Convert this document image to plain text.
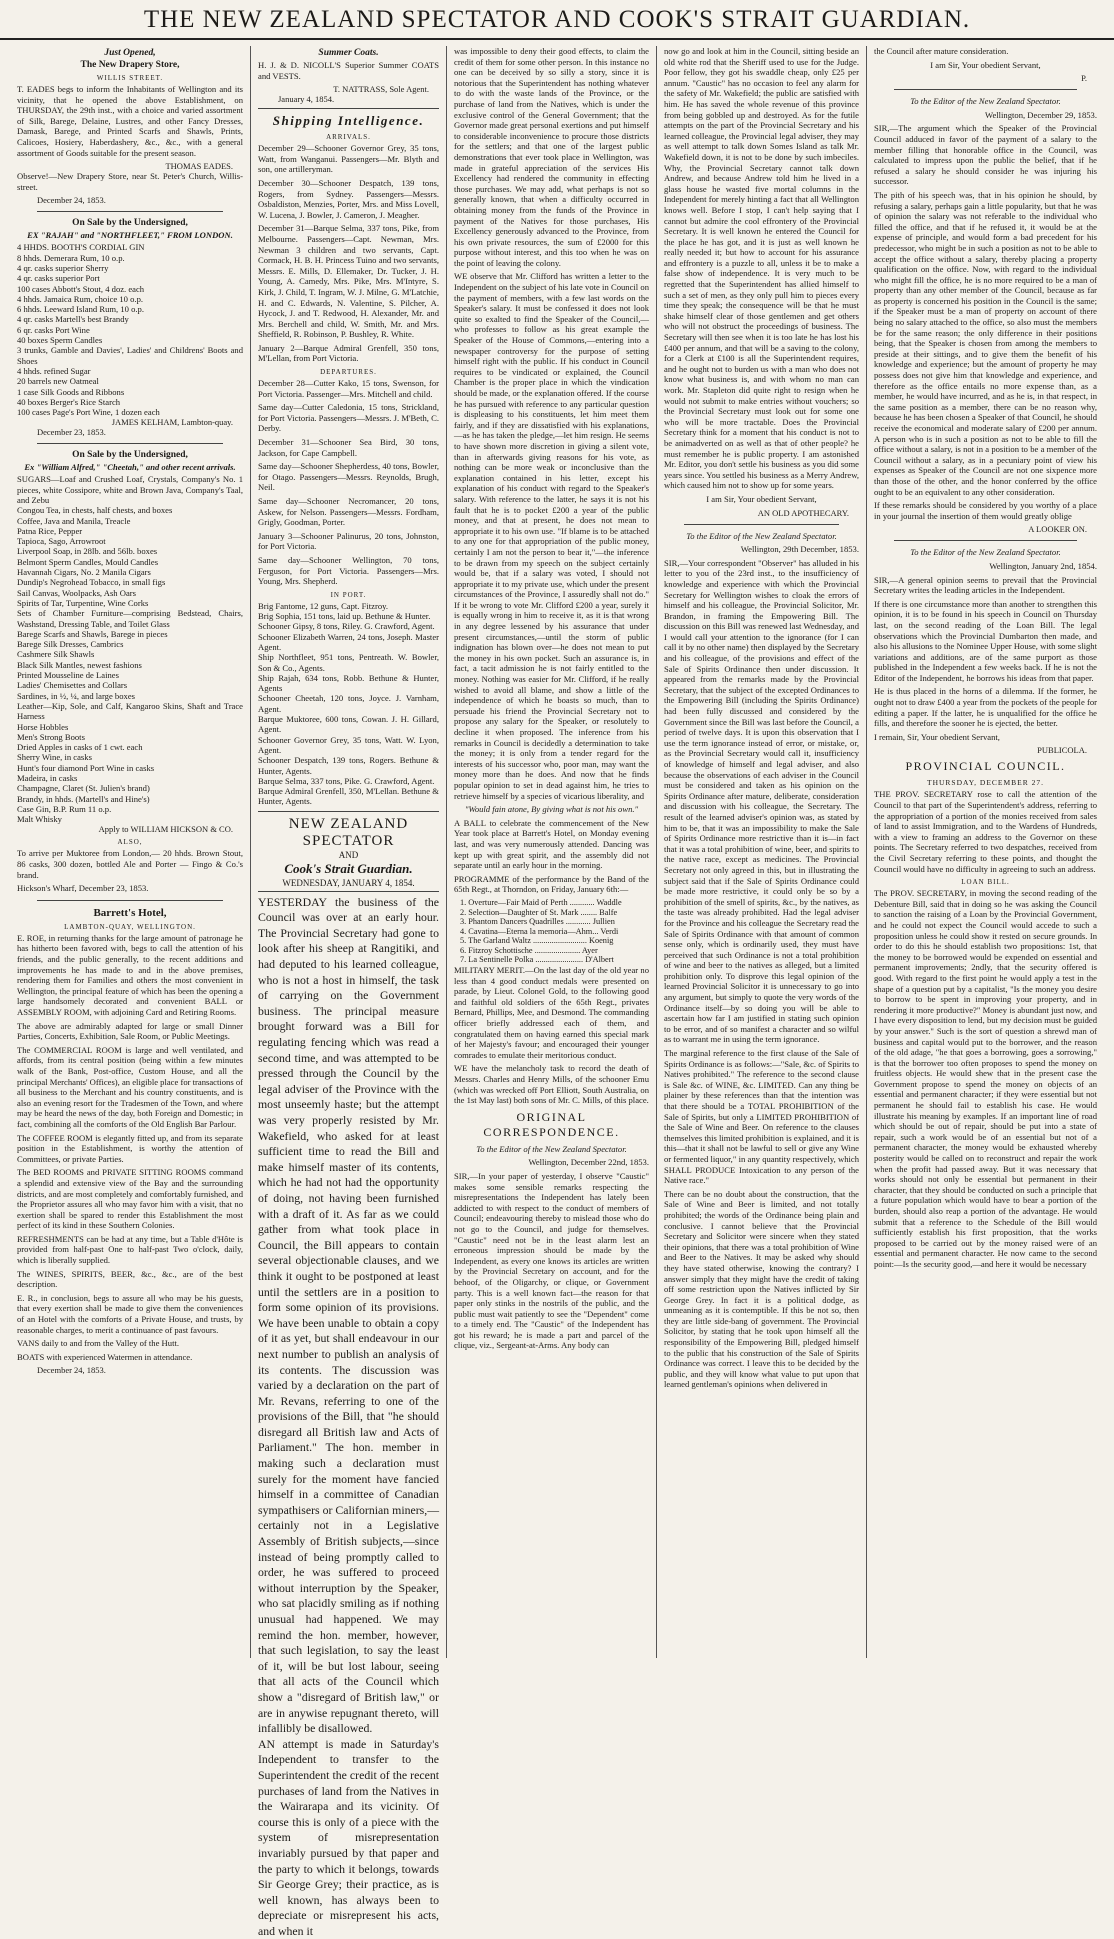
THE NEW ZEALAND SPECTATOR AND COOK'S STRAIT GUARDIAN.
Just Opened,
The New Drapery Store,
WILLIS STREET.

T. EADES begs to inform the Inhabitants of Wellington and its vicinity, that he opened the above Establishment, on THURSDAY, the 29th inst., with a choice and varied assortment of Silk, Barege, Delaine, Lustres, and other Fancy Dresses, Damask, Barege, and Printed Scarfs and Shawls, Prints, Calicoes, Hosiery, Haberdashery, &c., &c., with a general assortment of Goods suitable for the present season.

THOMAS EADES.

Observe!—New Drapery Store, near St. Peter's Church, Willis-street.

December 24, 1853.
On Sale by the Undersigned,
EX "RAJAH" and "NORTHFLEET," FROM LONDON.

4 HHDS. BOOTH'S CORDIAL GIN

8 hhds. Demerara Rum, 10 o.p.

4 qr. casks superior Sherry

4 qr. casks superior Port

100 cases Abbott's Stout, 4 doz. each

4 hhds. Jamaica Rum, choice 10 o.p.

6 hhds. Leeward Island Rum, 10 o.p.

4 qr. casks Martell's best Brandy

6 qr. casks Port Wine

40 boxes Sperm Candles

3 trunks, Gamble and Davies', Ladies' and Childrens' Boots and Shoes

4 hhds. refined Sugar

20 barrels new Oatmeal

1 case Silk Goods and Ribbons

40 boxes Berger's Rice Starch

100 cases Page's Port Wine, 1 dozen each

JAMES KELHAM, Lambton-quay.
December 23, 1853.
On Sale by the Undersigned,
Ex "William Alfred," "Cheetah," and other recent arrivals.

SUGARS—Loaf and Crushed Loaf, Crystals, Company's No. 1 pieces, white Cossipore, white and Brown Java, Company's Taal, and Zebu

Congou Tea, in chests, half chests, and boxes

Coffee, Java and Manila, Treacle

Patna Rice, Pepper

Tapioca, Sago, Arrowroot

Liverpool Soap, in 28lb. and 56lb. boxes

Belmont Sperm Candles, Mould Candles

Havannah Cigars, No. 2 Manila Cigars

Dundip's Negrohead Tobacco, in small figs

Sail Canvas, Woolpacks, Ash Oars

Spirits of Tar, Turpentine, Wine Corks

Sets of Chamber Furniture—comprising Bedstead, Chairs, Washstand, Dressing Table, and Toilet Glass

Barege Scarfs and Shawls, Barege in pieces

Barege Silk Dresses, Cambrics

Cashmere Silk Shawls

Black Silk Mantles, newest fashions

Printed Mousseline de Laines

Ladies' Chemisettes and Collars

Sardines, in ½, ¼, and large boxes

Leather—Kip, Sole, and Calf, Kangaroo Skins, Shaft and Trace Harness

Horse Hobbles

Men's Strong Boots

Dried Apples in casks of 1 cwt. each

Sherry Wine, in casks

Hunt's four diamond Port Wine in casks

Madeira, in casks

Champagne, Claret (St. Julien's brand)

Brandy, in hhds. (Martell's and Hine's)

Case Gin, B.P. Rum 11 o.p.

Malt Whisky

Apply to WILLIAM HICKSON & CO.
ALSO,

To arrive per Muktoree from London,— 20 hhds. Brown Stout, 86 casks, 300 dozen, bottled Ale and Porter — Fingo & Co.'s brand.

Hickson's Wharf, December 23, 1853.

Barrett's Hotel,
LAMBTON-QUAY, WELLINGTON.

E. ROE, in returning thanks for the large amount of patronage he has hitherto been favored with, begs to call the attention of his friends, and the public generally, to the recent additions and improvements he has made to and in the above premises, rendering them for Families and others the most convenient in Wellington, the principal feature of which has been the opening a large handsomely decorated and convenient BALL or ASSEMBLY ROOM, with adjoining Card and Retiring Rooms.

The above are admirably adapted for large or small Dinner Parties, Concerts, Exhibition, Sale Room, or Public Meetings.

The COMMERCIAL ROOM is large and well ventilated, and affords, from its central position (being within a few minutes walk of the Bank, Post-office, Custom House, and all the principal Merchants' Offices), an eligible place for transactions of all business to the Merchant and his country constituents, and is also an evening resort for the Tradesmen of the Town, and where may be heard the news of the day, both Foreign and Domestic; in fact, combining all the comforts of the Old English Bar Parlour.

The COFFEE ROOM is elegantly fitted up, and from its separate position in the Establishment, is worthy the attention of Committees, or private Parties.

The BED ROOMS and PRIVATE SITTING ROOMS command a splendid and extensive view of the Bay and the surrounding districts, and are most completely and comfortably furnished, and the Proprietor assures all who may favor him with a visit, that no exertion shall be spared to render this Establishment the most perfect of its kind in these Southern Colonies.

REFRESHMENTS can be had at any time, but a Table d'Hôte is provided from half-past One to half-past Two o'clock, daily, which is liberally supplied.

The WINES, SPIRITS, BEER, &c., &c., are of the best description.

E. R., in conclusion, begs to assure all who may be his guests, that every exertion shall be made to give them the conveniences of an Hotel with the comforts of a Private House, and trusts, by reasonable charges, to merit a continuance of past favours.

VANS daily to and from the Valley of the Hutt.

BOATS with experienced Watermen in attendance.

December 24, 1853.
Summer Coats.

H. J. & D. NICOLL'S Superior Summer COATS and VESTS.

T. NATTRASS, Sole Agent.
January 4, 1854.
Shipping Intelligence.
ARRIVALS.

December 29—Schooner Governor Grey, 35 tons, Watt, from Wanganui. Passengers—Mr. Blyth and son, one artilleryman.

December 30—Schooner Despatch, 139 tons, Rogers, from Sydney. Passengers—Messrs. Osbaldiston, Menzies, Porter, Mrs. and Miss Lovell, W. Lucena, J. Bowler, J. Cameron, J. Meagher.

December 31—Barque Selma, 337 tons, Pike, from Melbourne. Passengers—Capt. Newman, Mrs. Newman 3 children and two servants, Capt. Cormack, H. B. H. Princess Tuino and two servants, Messrs. E. Mills, D. Ellemaker, Dr. Tucker, J. H. Young, A. Camedy, Mrs. Pike, Mrs. M'Intyre, S. Kirk, J. Child, T. Ingram, W. J. Milne, G. M'Latchie, H. and C. Edwards, N. Valentine, S. Pilcher, A. Hycock, J. and T. Redwood, H. Alexander, Mr. and Mrs. Berchell and child, W. Smith, Mr. and Mrs. Sheffield, R. Robinson, P. Bushley, R. White.

January 2—Barque Admiral Grenfell, 350 tons, M'Lellan, from Port Victoria.

DEPARTURES.

December 28—Cutter Kako, 15 tons, Swenson, for Port Victoria. Passenger—Mrs. Mitchell and child.

Same day—Cutter Caledonia, 15 tons, Strickland, for Port Victoria. Passengers—Messrs. J. M'Beth, C. Derby.

December 31—Schooner Sea Bird, 30 tons, Jackson, for Cape Campbell.

Same day—Schooner Shepherdess, 40 tons, Bowler, for Otago. Passengers—Messrs. Reynolds, Brugh, Neil.

Same day—Schooner Necromancer, 20 tons, Askew, for Nelson. Passengers—Messrs. Fordham, Grigly, Goodman, Porter.

January 3—Schooner Palinurus, 20 tons, Johnston, for Port Victoria.

Same day—Schooner Wellington, 70 tons, Ferguson, for Port Victoria. Passengers—Mrs. Young, Mrs. Shepherd.

IN PORT.

Brig Fantome, 12 guns, Capt. Fitzroy.

Brig Sophia, 151 tons, laid up. Bethune & Hunter.

Schooner Gipsy, 8 tons, Riley. G. Crawford, Agent.

Schooner Elizabeth Warren, 24 tons, Joseph. Master Agent.

Ship Northfleet, 951 tons, Pentreath. W. Bowler, Son & Co., Agents.

Ship Rajah, 634 tons, Robb. Bethune & Hunter, Agents

Schooner Cheetah, 120 tons, Joyce. J. Varnham, Agent.

Barque Muktoree, 600 tons, Cowan. J. H. Gillard, Agent.

Schooner Governor Grey, 35 tons, Watt. W. Lyon, Agent.

Schooner Despatch, 139 tons, Rogers. Bethune & Hunter, Agents.

Barque Selma, 337 tons, Pike. G. Crawford, Agent.

Barque Admiral Grenfell, 350, M'Lellan. Bethune & Hunter, Agents.

NEW ZEALAND SPECTATOR
AND
Cook's Strait Guardian.
WEDNESDAY, JANUARY 4, 1854.

YESTERDAY the business of the Council was over at an early hour. The Provincial Secretary had gone to look after his sheep at Rangitiki, and had deputed to his learned colleague, who is not a host in himself, the task of carrying on the Government business. The principal measure brought forward was a Bill for regulating fencing which was read a second time, and was attempted to be pressed through the Council by the legal adviser of the Province with the most unseemly haste; but the attempt was very properly resisted by Mr. Wakefield, who asked for at least sufficient time to read the Bill and make himself master of its contents, which he had not had the opportunity of doing, not having been furnished with a draft of it. As far as we could gather from what took place in Council, the Bill appears to contain several objectionable clauses, and we think it ought to be postponed at least until the settlers are in a position to form some opinion of its provisions. We have been unable to obtain a copy of it as yet, but shall endeavour in our next number to publish an analysis of its contents. The discussion was varied by a declaration on the part of Mr. Revans, referring to one of the provisions of the Bill, that "he should disregard all British law and Acts of Parliament." The hon. member in making such a declaration must surely for the moment have fancied himself in a committee of Canadian sympathisers or Californian miners,—certainly not in a Legislative Assembly of British subjects,—since instead of being promptly called to order, he was suffered to proceed without interruption by the Speaker, who sat placidly smiling as if nothing unusual had happened. We may remind the hon. member, however, that such legislation, to say the least of it, will be but lost labour, seeing that all acts of the Council which show a "disregard of British law," or are in anywise repugnant thereto, will infallibly be disallowed.

AN attempt is made in Saturday's Independent to transfer to the Superintendent the credit of the recent purchases of land from the Natives in the Wairarapa and its vicinity. Of course this is only of a piece with the system of misrepresentation invariably pursued by that paper and the party to which it belongs, towards Sir George Grey; their practice, as is well known, has always been to depreciate or misrepresent his acts, and when it

was impossible to deny their good effects, to claim the credit of them for some other person. In this instance no one can be deceived by so silly a story, since it is notorious that the Superintendent has nothing whatever to do with the waste lands of the Province, or the purchase of land from the Natives, which is under the exclusive control of the General Government; that the Governor made great personal exertions and put himself to considerable inconvenience to procure those districts for the settlers; and that one of the largest public demonstrations that ever took place in Wellington, was made in grateful appreciation of the services His Excellency had rendered the community in effecting those purchases. We may add, what perhaps is not so generally known, that when a difficulty occurred in obtaining money from the funds of the Province in payment of the Natives for those purchases, His Excellency generously advanced to the Province, from his own private resources, the sum of £2000 for this purpose without interest, and this too when he was on the point of leaving the colony.

WE observe that Mr. Clifford has written a letter to the Independent on the subject of his late vote in Council on the payment of members, with a few last words on the Speaker's salary. It must be confessed it does not look quite so exalted to find the Speaker of the Council,—who professes to follow as his great example the Speaker of the House of Commons,—entering into a newspaper controversy for the purpose of setting himself right with the public. If his conduct in Council requires to be vindicated or explained, the Council Chamber is the proper place in which the vindication should be made, or the explanation offered. If the course he has pursued with reference to any particular question is displeasing to his constituents, let him meet them fairly, and if they are dissatisfied with his explanations,—as he has taken the pledge,—let him resign. He seems to have shown more discretion in giving a silent vote, than in afterwards giving reasons for his vote, as nothing can be more weak or inconclusive than the explanation contained in his letter, except his explanation of his conduct with regard to the Speaker's salary. With reference to the latter, he says it is not his fault that he is to pocket £200 a year of the public money, and that at present, he does not mean to appropriate it to his own use. "If blame is to be attached to any one for that appropriation of the public money, certainly I am not the person to bear it,"—the inference to be drawn from my speech on the subject certainly would be, that if a salary was voted, I should not appropriate it to my private use, which under the present circumstances of the Province, I assuredly shall not do." If it be wrong to vote Mr. Clifford £200 a year, surely it is equally wrong in him to receive it, as it is that wrong in any degree lessened by his assurance that under present circumstances,—until the storm of public indignation has blown over—he does not mean to put the money in his own pocket. Such an assurance is, in fact, a tacit admission he is not fairly entitled to the money. Nothing was easier for Mr. Clifford, if he really wished to avoid all blame, and show a little of the independence of which he boasts so much, than to persuade his friend the Provincial Secretary not to propose any salary for the Speaker, or resolutely to decline it when proposed. The inference from his remarks in Council is decidedly a determination to take the money; it is only from a tender regard for the interests of his successor who, poor man, may want the money more than he does. And now that he finds popular opinion to set in dead against him, he tries to retrieve himself by a species of vicarious liberality, and

"Would fain atone, By giving what is not his own."

A BALL to celebrate the commencement of the New Year took place at Barrett's Hotel, on Monday evening last, and was very numerously attended. Dancing was kept up with great spirit, and the assembly did not separate until an early hour in the morning.

PROGRAMME of the performance by the Band of the 65th Regt., at Thorndon, on Friday, January 6th:—

1. Overture—Fair Maid of Perth ............ Waddle

2. Selection—Daughter of St. Mark ........ Balfe

3. Phantom Dancers Quadrilles ............ Jullien

4. Cavatina—Eterna la memoria—Ahm... Verdi

5. The Garland Waltz .......................... Koenig

6. Fitzroy Schottische ...................... Ayer

7. La Sentinelle Polka ....................... D'Albert

MILITARY MERIT.—On the last day of the old year no less than 4 good conduct medals were presented on parade, by Lieut. Colonel Gold, to the following good and faithful old soldiers of the 65th Regt., privates Bernard, Phillips, Mee, and Desmond. The commanding officer briefly addressed each of them, and congratulated them on having earned this special mark of her Majesty's favour; and encouraged their younger comrades to emulate their meritorious conduct.

WE have the melancholy task to record the death of Messrs. Charles and Henry Mills, of the schooner Emu (which was wrecked off Port Elliott, South Australia, on the 1st May last) both sons of Mr. C. Mills, of this place.

ORIGINAL CORRESPONDENCE.

To the Editor of the New Zealand Spectator.

Wellington, December 22nd, 1853.

SIR,—In your paper of yesterday, I observe "Caustic" makes some sensible remarks respecting the misrepresentations the Independent has lately been addicted to with respect to the conduct of members of Council; endeavouring thereby to mislead those who do not go to the Council, and judge for themselves. "Caustic" need not be in the least alarm lest an erroneous impression should be made by the Independent, as every one knows its articles are written by the Provincial Secretary on account, and for the behoof, of the Oligarchy, or clique, or Government party. This is a well known fact—the reason for that paper only stinks in the nostrils of the public, and the public must wait patiently to see the "Dependent" come to a timely end. The "Caustic" of the Independent has got his reward; he is made a part and parcel of the clique, viz., Sergeant-at-Arms. Any body can

now go and look at him in the Council, sitting beside an old white rod that the Sheriff used to use for the Judge. Poor fellow, they got his swaddle cheap, only £25 per annum. "Caustic" has no occasion to feel any alarm for the safety of Mr. Wakefield; the public are satisfied with him. He has saved the whole revenue of this province from being gobbled up and destroyed. As for the futile attempts on the part of the Provincial Secretary and his learned colleague, the Provincial legal adviser, they may as well attempt to talk down Somes Island as talk Mr. Wakefield down, it is not to be done by such imbeciles. Why, the Provincial Secretary cannot talk down Andrew, and because Andrew told him he lived in a glass house he wasted five mortal columns in the Independent for merely hinting a fact that all Wellington knows well. Before I stop, I can't help saying that I cannot but admire the cool effrontery of the Provincial Secretary. It is well known he entered the Council for the place he has got, and it is just as well known he really needed it; but how to account for his assurance and effrontery is a puzzle to all, unless it be to make a false show of independence. It is very much to be regretted that the Superintendent has allied himself to such a set of men, as they only pull him to pieces every time they speak; the consequence will be that he must shake himself clear of those gentlemen and get others who will not obstruct the proceedings of business. The Secretary will then see when it is too late he has lost his £400 per annum, and that will be a saving to the colony, for a Clerk at £100 is all the Superintendent requires, and he ought not to burden us with a man who does not know what business is, and with whom no man can work. Mr. Stapleton did quite right to resign when he would not submit to make entries without vouchers; so the Provincial Secretary must look out for some one who will be more tractable. Does the Provincial Secretary think for a moment that his conduct is not to be animadverted on as well as that of other people? he must remember he is public property. I am astonished Mr. Editor, you don't settle his business as you did some years since. You settled his business as a Merry Andrew, which caused him not to show up for some years.

I am Sir, Your obedient Servant,

AN OLD APOTHECARY.

To the Editor of the New Zealand Spectator.

Wellington, 29th December, 1853.

SIR,—Your correspondent "Observer" has alluded in his letter to you of the 23rd inst., to the insufficiency of knowledge and experience with which the Provincial Secretary for Wellington wishes to cloak the errors of himself and his colleague, the Provincial Solicitor, Mr. Brandon, in framing the Empowering Bill. The discussion on this Bill was renewed last Wednesday, and I would call your attention to the ignorance (for I can call it by no other name) then displayed by the Secretary and his colleague, of the provisions and effect of the Sale of Spirits Ordinance then under discussion. It appeared from the remarks made by the Provincial Secretary, that the subject of the excepted Ordinances to the Empowering Bill (including the Spirits Ordinance) had been fully discussed and considered by the Government since the Bill was last before the Council, a period of twelve days. It is upon this observation that I use the term ignorance instead of error, or mistake, or, as the Provincial Secretary would call it, insufficiency of knowledge of himself and legal adviser, and also because the observations of each adviser in the Council must be considered and taken as his opinion on the Spirits Ordinance after mature, deliberate, consideration and discussion with his colleague, the Secretary. The result of the learned adviser's opinion was, as stated by him to be, that it was an impossibility to make the Sale of Spirits Ordinance more restrictive than it is—in fact that it was a total prohibition of wine, beer, and spirits to the native race, except as medicines. The Provincial Secretary not only agreed in this, but in illustrating the subject said that if the Sale of Spirits Ordinance could be made more restrictive, it could only be so by a prohibition of the smell of spirits, &c., by the natives, as the taste was already prohibited. Had the legal adviser for the Province and his colleague the Secretary read the Sale of Spirits Ordinance with that amount of common sense only, which is ordinarily used, they must have perceived that such Ordinance is not a total prohibition of wine and beer to the natives as alleged, but a limited prohibition only. To disprove this legal opinion of the learned Provincial Solicitor it is unnecessary to go into any argument, but simply to quote the very words of the Ordinance itself—by so doing you will be able to ascertain how far I am justified in stating such opinion to be error, and of so manifest a character and so wilful as to warrant me in using the term ignorance.

The marginal reference to the first clause of the Sale of Spirits Ordinance is as follows:—"Sale, &c. of Spirits to Natives prohibited." The reference to the second clause is Sale &c. of WINE, &c. LIMITED. Can any thing be plainer by these references than that the intention was that there should be a TOTAL PROHIBITION of the Sale of Spirits, but only a LIMITED PROHIBITION of the Sale of Wine and Beer. On reference to the clauses themselves this limited prohibition is explained, and it is this—that it shall not be lawful to sell or give any Wine or fermented liquor," in any quantity respectively, which SHALL PRODUCE Intoxication to any person of the Native race."

There can be no doubt about the construction, that the Sale of Wine and Beer is limited, and not totally prohibited; the words of the Ordinance being plain and conclusive. I cannot believe that the Provincial Secretary and Solicitor were sincere when they stated their opinions, that there was a total prohibition of Wine and Beer to the Natives. It may be asked why should they have stated otherwise, knowing the contrary? I answer simply that they might have the credit of taking off some restriction upon the Natives inflicted by Sir George Grey. In fact it is a political dodge, as unmeaning as it is contemptible. If this be not so, then they are little side-bang of government. The Provincial Solicitor, by stating that he took upon himself all the responsibility of the Empowering Bill, pledged himself to the public that his construction of the Sale of Spirits Ordinance was correct. I leave this to be decided by the public, and they will know what value to put upon that learned gentleman's opinions when delivered in

the Council after mature consideration.

I am Sir, Your obedient Servant,

P.

To the Editor of the New Zealand Spectator.

Wellington, December 29, 1853.

SIR,—The argument which the Speaker of the Provincial Council adduced in favor of the payment of a salary to the member filling that honorable office in the Council, was calculated to impress upon the public the belief, that if he refused a salary he should consider he was injuring his successor.

The pith of his speech was, that in his opinion he should, by refusing a salary, perhaps gain a little popularity, but that he was of opinion the salary was not referable to the individual who filled the office, and that if he refused it, it would be at the expense of principle, and would form a bad precedent for his predecessor, who might be in such a position as not to be able to accept the office without a salary, thereby placing a property qualification on the office. Now, with regard to the individual who might fill the office, he is no more required to be a man of property than any other member of the Council, because as far as property is concerned his position in the Council is the same; if the Speaker must be a man of property on account of there being no salary attached to the office, so also must the members be for the same reason; the only difference in their positions being, that the Speaker is chosen from among the members to preside at their sittings, and to give them the benefit of his knowledge and experience; but the amount of property he may possess does not give him that knowledge and experience, and therefore as the office entails no more expense than, as a member, he would have incurred, and as he is, in that respect, in the same position as a member, there can be no reason why, because he has been chosen a Speaker of that Council, he should receive the economical and moderate salary of £200 per annum. A person who is in such a position as not to be able to fill the office without a salary, is not in a position to be a member of the Council without a salary, as in a pecuniary point of view his expenses as Speaker of the Council are not one sixpence more than those of the other, and the honor conferred by the office ought to be an equivalent to any other consideration.

If these remarks should be considered by you worthy of a place in your journal the insertion of them would greatly oblige

A LOOKER ON.

To the Editor of the New Zealand Spectator.

Wellington, January 2nd, 1854.

SIR,—A general opinion seems to prevail that the Provincial Secretary writes the leading articles in the Independent.

If there is one circumstance more than another to strengthen this opinion, it is to be found in his speech in Council on Thursday last, on the second reading of the Loan Bill. The legal observations which the Provincial Dumbarton then made, and also his allusions to the Nominee Upper House, with some slight variations and additions, are of the same purport as those published in the Independent a few weeks back. If he is not the Editor of the Independent, he borrows his ideas from that paper.

He is thus placed in the horns of a dilemma. If the former, he ought not to draw £400 a year from the pockets of the people for editing a paper. If the latter, he is unqualified for the office he fills, and therefore the sooner he is ejected, the better.

I remain, Sir, Your obedient Servant,

PUBLICOLA.
PROVINCIAL COUNCIL.
THURSDAY, DECEMBER 27.

THE PROV. SECRETARY rose to call the attention of the Council to that part of the Superintendent's address, referring to the appropriation of a portion of the monies received from sales of land to assist Immigration, and to the Wardens of Hundreds, with a view to framing an address to the Governor on these points. The Secretary referred to two despatches, received from the Civil Secretary referring to these points, and thought the Council would have no difficulty in agreeing to such an address.

LOAN BILL.

The PROV. SECRETARY, in moving the second reading of the Debenture Bill, said that in doing so he was asking the Council to sanction the raising of a Loan by the Provincial Government, and he could not expect the Council would accede to such a proposition unless he could show it rested on secure grounds. In order to do this he should establish two propositions: 1st, that the money to be borrowed would be expended on essential and permanent improvements; 2ndly, that the security offered is good. With regard to the first point he would apply a test in the shape of a question put by a capitalist, "Is the money you desire to borrow to be spent in improving your property, and in rendering it more productive?" Money is abundant just now, and I have every disposition to lend, but my decision must be guided by your answer." Such is the sort of question a shrewd man of business and capital would put to the borrower, and the reason of the old adage, "he that goes a borrowing, goes a sorrowing," is that the borrower too often proposes to spend the money on fruitless objects. He would shew that in the present case the Government propose to spend the money on objects of an essential and permanent character; if they were essential but not permanent he should fail to establish his case. He would illustrate his meaning by examples. If an important line of road which should be out of repair, should be put into a state of repair, such a work would be of an essential but not of a permanent character, the money would be exhausted whereby posterity would be called on to reconstruct and repair the work when the profit had passed away. But it was necessary that works should not only be essential but permanent in their character, that they should be conducted on such a principle that a future population which would have to bear a portion of the burden, should also reap a portion of the advantage. He would submit that a reference to the Schedule of the Bill would sufficiently establish his first proposition, that the works proposed to be carried out by the money raised were of an essential and permanent character. He now came to the second point:—Is the security good,—and here it would be necessary
